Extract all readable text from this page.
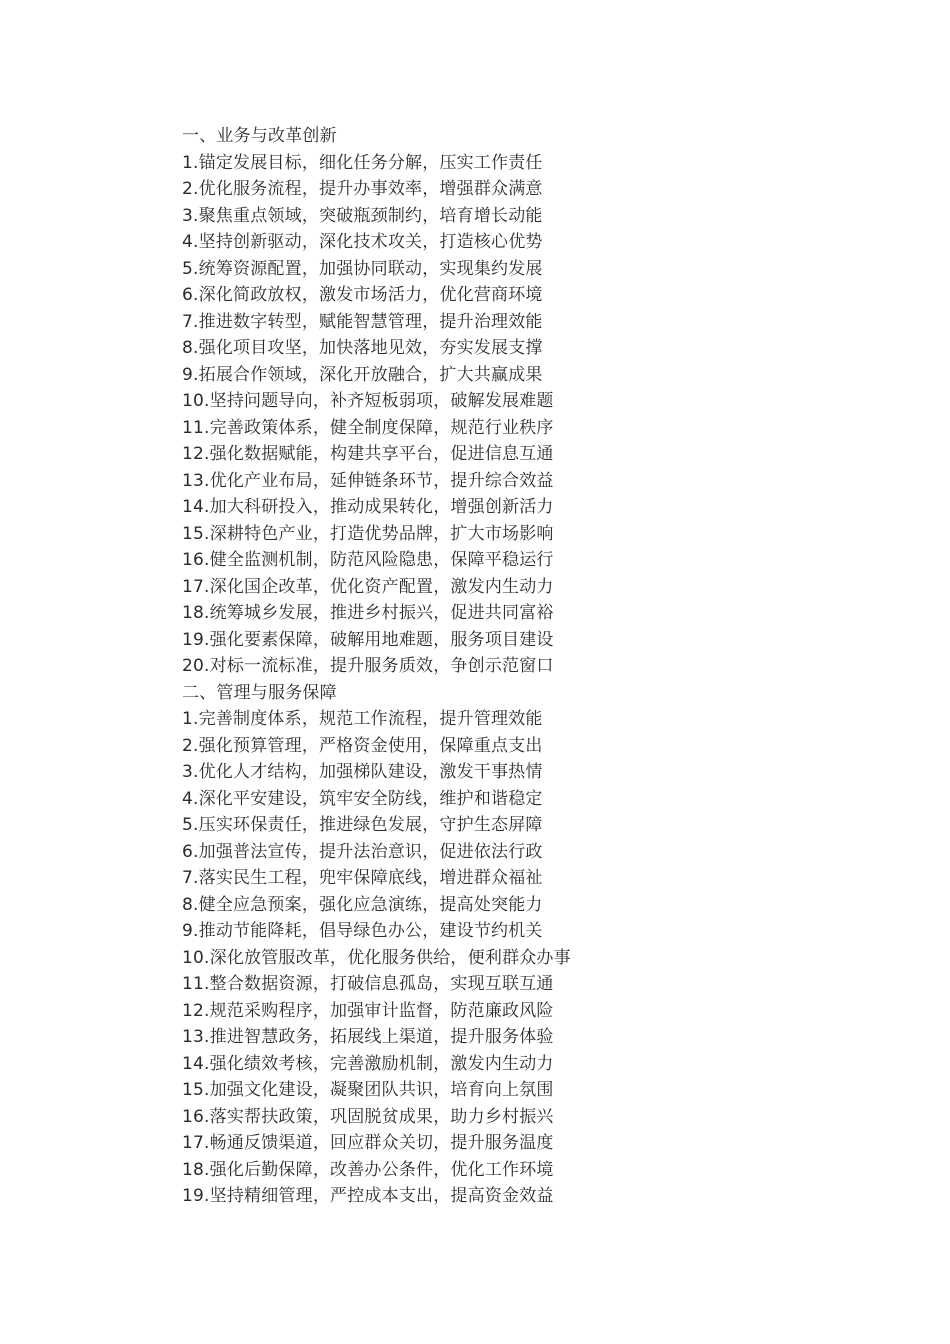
一、业务与改革创新
1.锚定发展目标，细化任务分解，压实工作责任
2.优化服务流程，提升办事效率，增强群众满意
3.聚焦重点领域，突破瓶颈制约，培育增长动能
4.坚持创新驱动，深化技术攻关，打造核心优势
5.统筹资源配置，加强协同联动，实现集约发展
6.深化简政放权，激发市场活力，优化营商环境
7.推进数字转型，赋能智慧管理，提升治理效能
8.强化项目攻坚，加快落地见效，夯实发展支撑
9.拓展合作领域，深化开放融合，扩大共赢成果
10.坚持问题导向，补齐短板弱项，破解发展难题
11.完善政策体系，健全制度保障，规范行业秩序
12.强化数据赋能，构建共享平台，促进信息互通
13.优化产业布局，延伸链条环节，提升综合效益
14.加大科研投入，推动成果转化，增强创新活力
15.深耕特色产业，打造优势品牌，扩大市场影响
16.健全监测机制，防范风险隐患，保障平稳运行
17.深化国企改革，优化资产配置，激发内生动力
18.统筹城乡发展，推进乡村振兴，促进共同富裕
19.强化要素保障，破解用地难题，服务项目建设
20.对标一流标准，提升服务质效，争创示范窗口
二、管理与服务保障
1.完善制度体系，规范工作流程，提升管理效能
2.强化预算管理，严格资金使用，保障重点支出
3.优化人才结构，加强梯队建设，激发干事热情
4.深化平安建设，筑牢安全防线，维护和谐稳定
5.压实环保责任，推进绿色发展，守护生态屏障
6.加强普法宣传，提升法治意识，促进依法行政
7.落实民生工程，兜牢保障底线，增进群众福祉
8.健全应急预案，强化应急演练，提高处突能力
9.推动节能降耗，倡导绿色办公，建设节约机关
10.深化放管服改革，优化服务供给，便利群众办事
11.整合数据资源，打破信息孤岛，实现互联互通
12.规范采购程序，加强审计监督，防范廉政风险
13.推进智慧政务，拓展线上渠道，提升服务体验
14.强化绩效考核，完善激励机制，激发内生动力
15.加强文化建设，凝聚团队共识，培育向上氛围
16.落实帮扶政策，巩固脱贫成果，助力乡村振兴
17.畅通反馈渠道，回应群众关切，提升服务温度
18.强化后勤保障，改善办公条件，优化工作环境
19.坚持精细管理，严控成本支出，提高资金效益
